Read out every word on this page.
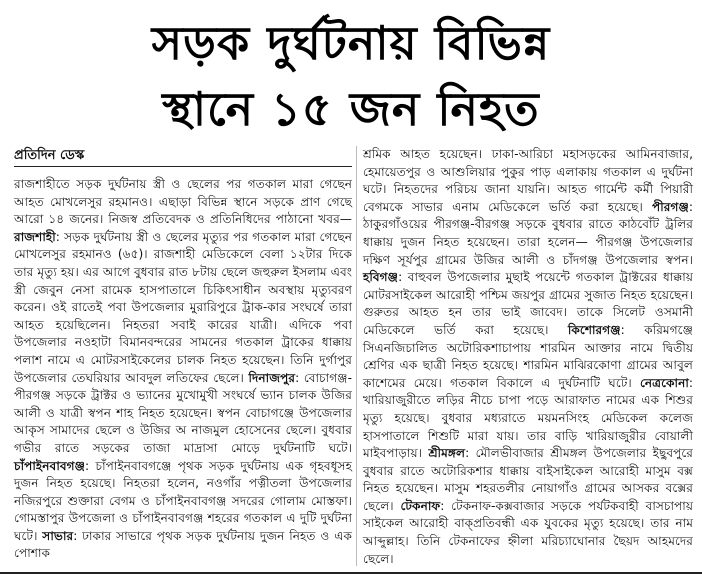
সড়ক দুর্ঘটনায় বিভিন্ন
স্থানে ১৫ জন নিহত
প্রতিদিন ডেস্ক

রাজশাহীতে সড়ক দুর্ঘটনায় স্ত্রী ও ছেলের পর গতকাল মারা গেছেন আহত মোখলেসুর রহমানও। এছাড়া বিভিন্ন স্থানে সড়কে প্রাণ গেছে আরো ১৪ জনের। নিজস্ব প্রতিবেদক ও প্রতিনিধিদের পাঠানো খবর— রাজশাহী: সড়ক দুর্ঘটনায় স্ত্রী ও ছেলের মৃত্যুর পর গতকাল মারা গেছেন মোখলেসুর রহমানও (৬৫)। রাজশাহী মেডিকেলে বেলা ১২টার দিকে তার মৃত্যু হয়। এর আগে বুধবার রাত ৮টায় ছেলে জহুরুল ইসলাম এবং স্ত্রী জেবুন নেসা রামেক হাসপাতালে চিকিৎসাধীন অবস্থায় মৃত্যুবরণ করেন। ওই রাতেই পবা উপজেলার মুরারিপুরে ট্রাক-কার সংঘর্ষে তারা আহত হয়েছিলেন। নিহতরা সবাই কারের যাত্রী। এদিকে পবা উপজেলার নওহাটা বিমানবন্দরের সামনের গতকাল ট্রাকের ধাক্কায় পলাশ নামে এ মোটরসাইকেলের চালক নিহত হয়েছেন। তিনি দুর্গাপুর উপজেলার তেঘরিয়ার আবদুল লতিফের ছেলে। দিনাজপুর: বোচাগঞ্জ-পীরগঞ্জ সড়কে ট্রাক্টর ও ভ্যানের মুখোমুখী সংঘর্ষে ভ্যান চালক উজির আলী ও যাত্রী স্বপন শাহ নিহত হয়েছেন। স্বপন বোচাগঞ্জে উপজেলার আকৃস সামাদের ছেলে ও উজির অ নাজমুল হোসেনের ছেলে। বুধবার গভীর রাতে সড়কের তাজা মাদ্রাসা মোড়ে দুর্ঘটনাটি ঘটে। চাঁপাইনবাবগঞ্জ: চাঁপাইনবাবগঞ্জে পৃথক সড়ক দুর্ঘটনায় এক গৃহবধূসহ দুজন নিহত হয়েছে। নিহতরা হলেন, নওগাঁর পত্নীতলা উপজেলার নজিরপুরে শুক্তারা বেগম ও চাঁপাইনবাবগঞ্জ সদরের গোলাম মোস্তফা। গোমস্তাপুর উপজেলা ও চাঁপাইনবাবগঞ্জ শহরের গতকাল এ দুটি দুর্ঘটনা ঘটে। সাভার: ঢাকার সাভারে পৃথক সড়ক দুর্ঘটনায় দুজন নিহত ও এক পোশাক

শ্রমিক আহত হয়েছেন। ঢাকা-আরিচা মহাসড়কের আমিনবাজার, হেমায়েতপুর ও আশুলিয়ার পুকুর পাড় এলাকায় গতকাল এ দুর্ঘটনা ঘটে। নিহতদের পরিচয় জানা যায়নি। আহত গার্মেন্ট কর্মী পিয়ারী বেগমকে সাভার এনাম মেডিকেলে ভর্তি করা হয়েছে। পীরগঞ্জ: ঠাকুরগাঁওয়ের পীরগঞ্জ-বীরগঞ্জ সড়কে বুধবার রাতে কাঠবোঁট ট্রলির ধাক্কায় দুজন নিহত হয়েছেন। তারা হলেন— পীরগঞ্জ উপজেলার দক্ষিণ সূর্যপুর গ্রামের উজির আলী ও চাঁদগঞ্জ উপজেলার স্বপন। হবিগঞ্জ: বাহুবল উপজেলার মুছাই পয়েন্টে গতকাল ট্রাক্টরের ধাক্কায় মোটরসাইকেল আরোহী পশ্চিম জয়পুর গ্রামের সুজাত নিহত হয়েছেন। গুরুতর আহত হন তার ভাই জাবেদ। তাকে সিলেট ওসমানী মেডিকেলে ভর্তি করা হয়েছে। কিশোরগঞ্জ: করিমগঞ্জে সিএনজিচালিত অটোরিকশাচাপায় শারমিন আক্তার নামে দ্বিতীয় শ্রেণির এক ছাত্রী নিহত হয়েছে। শারমিন মাঝিরকোণা গ্রামের আবুল কাশেমের মেয়ে। গতকাল বিকালে এ দুর্ঘটনাটি ঘটে। নেত্রকোনা: খারিয়াজুরীতে লড়ির নীচে চাপা পড়ে আরাফাত নামের এক শিশুর মৃত্যু হয়েছে। বুধবার মধ্যরাতে ময়মনসিংহ মেডিকেল কলেজ হাসপাতালে শিশুটি মারা যায়। তার বাড়ি খারিয়াজুরীর বোয়ালী মাইবপাড়ায়। শ্রীমঙ্গল: মৌলভীবাজার শ্রীমঙ্গল উপজেলার ইছুবপুরে বুধবার রাতে অটোরিকশার ধাক্কায় বাইসাইকেল আরোহী মাসুম বক্স নিহত হয়েছেন। মাসুম শহরতলীর নোয়াগাঁও গ্রামের আসকর বক্সের ছেলে। টেকনাফ: টেকনাফ-কক্সবাজার সড়কে পর্যটকবাহী বাসচাপায় সাইকেল আরোহী বাক্প্রতিবন্ধী এক যুবকের মৃত্যু হয়েছে। তার নাম আব্দুল্লাহ। তিনি টেকনাফের হ্নীলা মরিচ্যাঘোনার ছৈয়দ আহমদের ছেলে।
